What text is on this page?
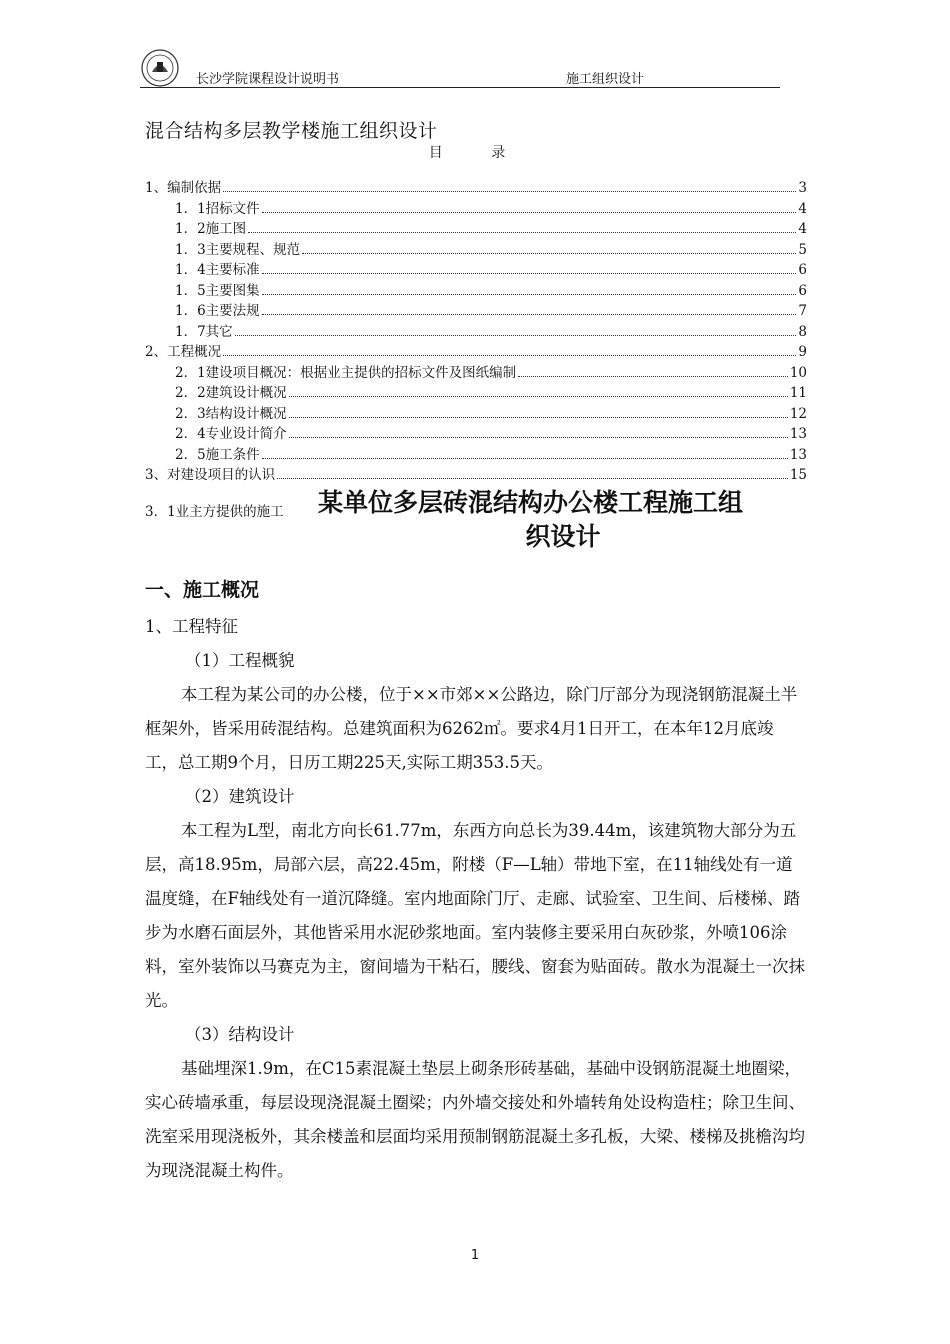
长沙学院课程设计说明书	施工组织设计
混合结构多层教学楼施工组织设计
目 录
1、编制依据	3
1．1招标文件	4
1．2施工图	4
1．3主要规程、规范	5
1．4主要标准	6
1．5主要图集	6
1．6主要法规	7
1．7其它	8
2、工程概况	9
2．1建设项目概况：根据业主提供的招标文件及图纸编制	10
2．2建筑设计概况	11
2．3结构设计概况	12
2．4专业设计简介	13
2．5施工条件	13
3、对建设项目的认识	15
3．1业主方提供的施工 某单位多层砖混结构办公楼工程施工组
织设计
一、施工概况

1、工程特征

（1）工程概貌

本工程为某公司的办公楼，位于××市郊××公路边，除门厅部分为现浇钢筋混凝土半框架外，皆采用砖混结构。总建筑面积为6262㎡。要求4月1日开工，在本年12月底竣工，总工期9个月，日历工期225天,实际工期353.5天。

（2）建筑设计

本工程为L型，南北方向长61.77m，东西方向总长为39.44m，该建筑物大部分为五层，高18.95m，局部六层，高22.45m，附楼（F—L轴）带地下室，在11轴线处有一道温度缝，在F轴线处有一道沉降缝。室内地面除门厅、走廊、试验室、卫生间、后楼梯、踏步为水磨石面层外，其他皆采用水泥砂浆地面。室内装修主要采用白灰砂浆，外喷106涂料，室外装饰以马赛克为主，窗间墙为干粘石，腰线、窗套为贴面砖。散水为混凝土一次抹光。

（3）结构设计

基础埋深1.9m，在C15素混凝土垫层上砌条形砖基础，基础中设钢筋混凝土地圈梁，实心砖墙承重，每层设现浇混凝土圈梁；内外墙交接处和外墙转角处设构造柱；除卫生间、洗室采用现浇板外，其余楼盖和层面均采用预制钢筋混凝土多孔板，大梁、楼梯及挑檐沟均为现浇混凝土构件。

1
